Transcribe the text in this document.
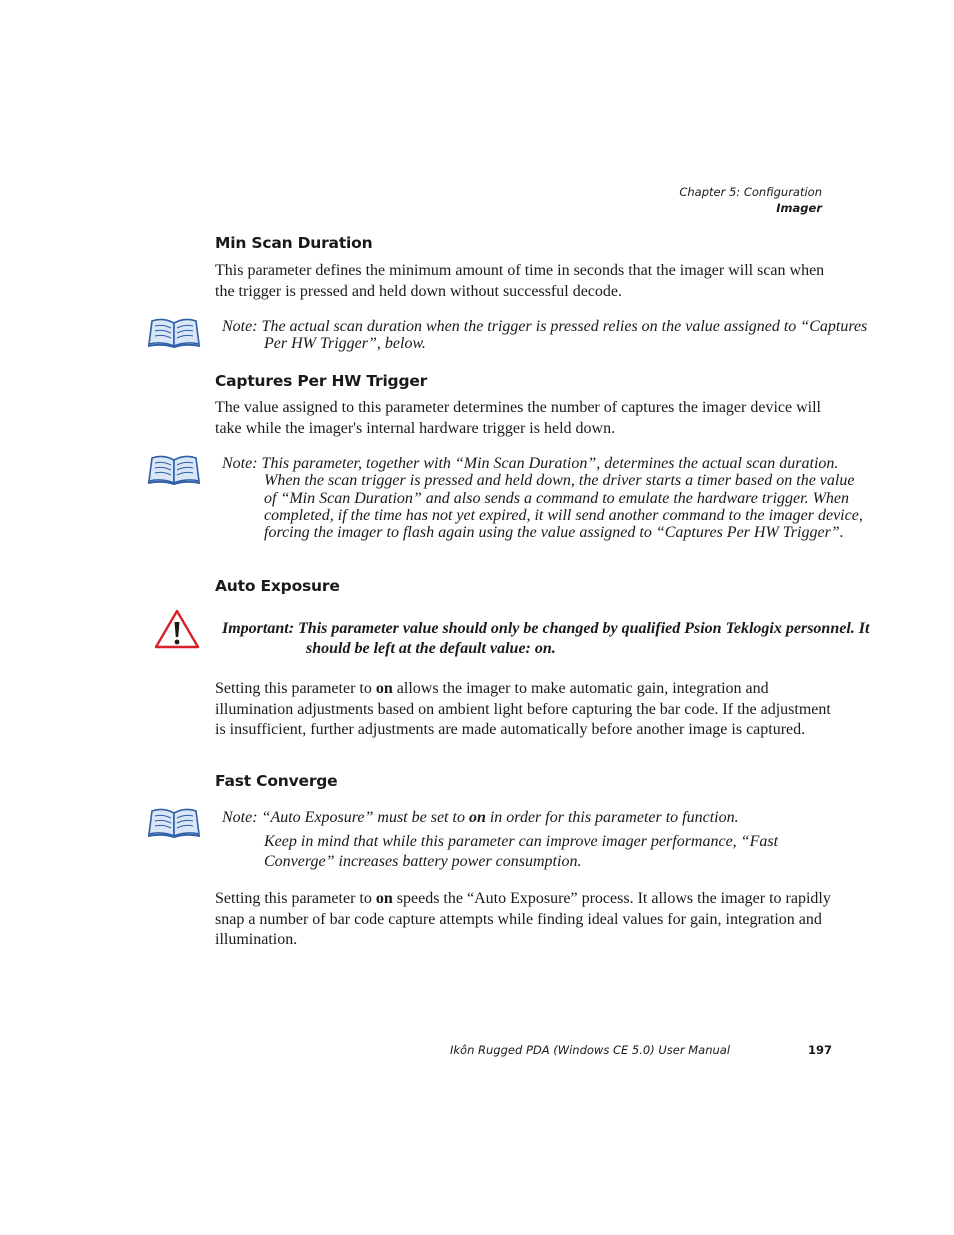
Chapter 5: Configuration
Imager
Min Scan Duration

This parameter defines the minimum amount of time in seconds that the imager will scan when the trigger is pressed and held down without successful decode.

Note: The actual scan duration when the trigger is pressed relies on the value assigned to “Captures Per HW Trigger”, below.

Captures Per HW Trigger

The value assigned to this parameter determines the number of captures the imager device will take while the imager's internal hardware trigger is held down.

Note: This parameter, together with “Min Scan Duration”, determines the actual scan duration. When the scan trigger is pressed and held down, the driver starts a timer based on the value of “Min Scan Duration” and also sends a command to emulate the hardware trigger. When completed, if the time has not yet expired, it will send another command to the imager device, forcing the imager to flash again using the value assigned to “Captures Per HW Trigger”.

Auto Exposure

Important: This parameter value should only be changed by qualified Psion Teklogix personnel. It should be left at the default value: on.

Setting this parameter to on allows the imager to make automatic gain, integration and illumination adjustments based on ambient light before capturing the bar code. If the adjustment is insufficient, further adjustments are made automatically before another image is captured.

Fast Converge

Note: “Auto Exposure” must be set to on in order for this parameter to function.

Keep in mind that while this parameter can improve imager performance, “Fast Converge” increases battery power consumption.

Setting this parameter to on speeds the “Auto Exposure” process. It allows the imager to rapidly snap a number of bar code capture attempts while finding ideal values for gain, integration and illumination.

Ikôn Rugged PDA (Windows CE 5.0) User Manual	197
